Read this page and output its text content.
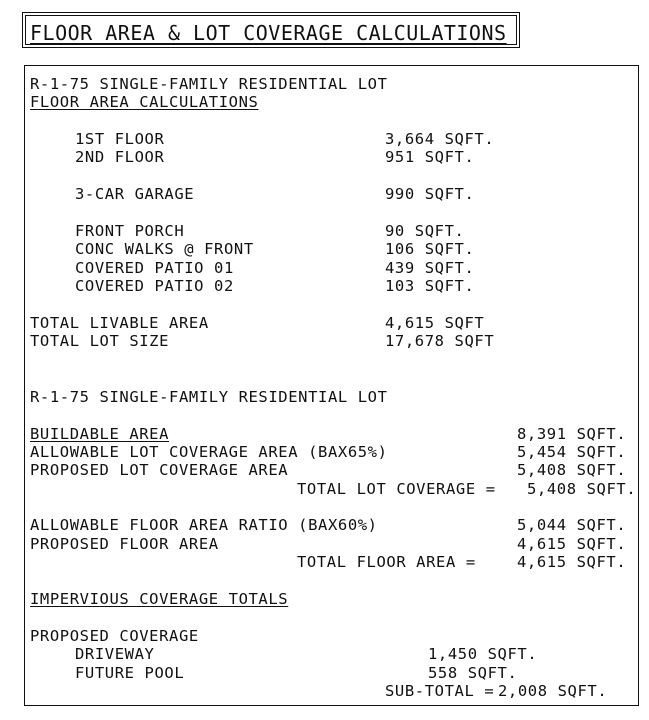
FLOOR AREA & LOT COVERAGE CALCULATIONS
R-1-75 SINGLE-FAMILY RESIDENTIAL LOT
FLOOR AREA CALCULATIONS
1ST FLOOR	3,664 SQFT.
2ND FLOOR	951 SQFT.
3-CAR GARAGE	990 SQFT.
FRONT PORCH	90 SQFT.
CONC WALKS @ FRONT	106 SQFT.
COVERED PATIO 01	439 SQFT.
COVERED PATIO 02	103 SQFT.
TOTAL LIVABLE AREA	4,615 SQFT
TOTAL LOT SIZE	17,678 SQFT
R-1-75 SINGLE-FAMILY RESIDENTIAL LOT
BUILDABLE AREA	8,391 SQFT.
ALLOWABLE LOT COVERAGE AREA (BAX65%)	5,454 SQFT.
PROPOSED LOT COVERAGE AREA	5,408 SQFT.
TOTAL LOT COVERAGE = 5,408 SQFT.
ALLOWABLE FLOOR AREA RATIO (BAX60%)	5,044 SQFT.
PROPOSED FLOOR AREA	4,615 SQFT.
TOTAL FLOOR AREA =	4,615 SQFT.
IMPERVIOUS COVERAGE TOTALS
PROPOSED COVERAGE
DRIVEWAY	1,450 SQFT.
FUTURE POOL	558 SQFT.
SUB-TOTAL = 2,008 SQFT.
